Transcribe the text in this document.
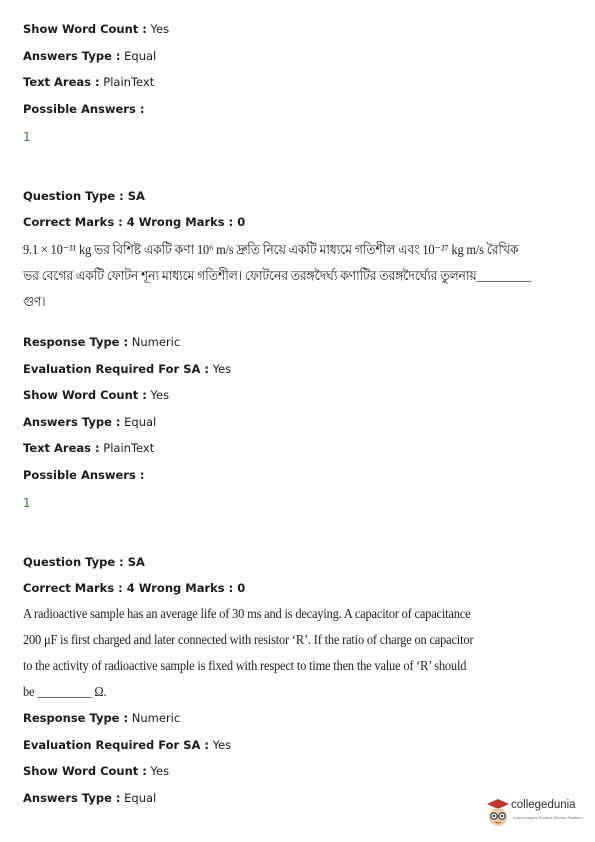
Show Word Count : Yes
Answers Type : Equal
Text Areas : PlainText
Possible Answers :
1
Question Type : SA
Correct Marks : 4 Wrong Marks : 0

9.1 × 10⁻³¹ kg ভর বিশিষ্ট একটি কণা 10⁶ m/s দ্রুতি নিয়ে একটি মাধ্যমে গতিশীল এবং 10⁻²⁷ kg m/s রৈখিক

ভর বেগের একটি ফোটন শূন্য মাধ্যমে গতিশীল। ফোটনের তরঙ্গদৈর্ঘ্য কণাটির তরঙ্গদৈর্ঘ্যের তুলনায়_________

গুণ।

Response Type : Numeric
Evaluation Required For SA : Yes
Show Word Count : Yes
Answers Type : Equal
Text Areas : PlainText
Possible Answers :
1
Question Type : SA
Correct Marks : 4 Wrong Marks : 0

A radioactive sample has an average life of 30 ms and is decaying. A capacitor of capacitance

200 μF is first charged and later connected with resistor ‘R’. If the ratio of charge on capacitor

to the activity of radioactive sample is fixed with respect to time then the value of ‘R’ should

be _________ Ω.

Response Type : Numeric
Evaluation Required For SA : Yes
Show Word Count : Yes
Answers Type : Equal	collegedunia
India's largest Student Review Platform
